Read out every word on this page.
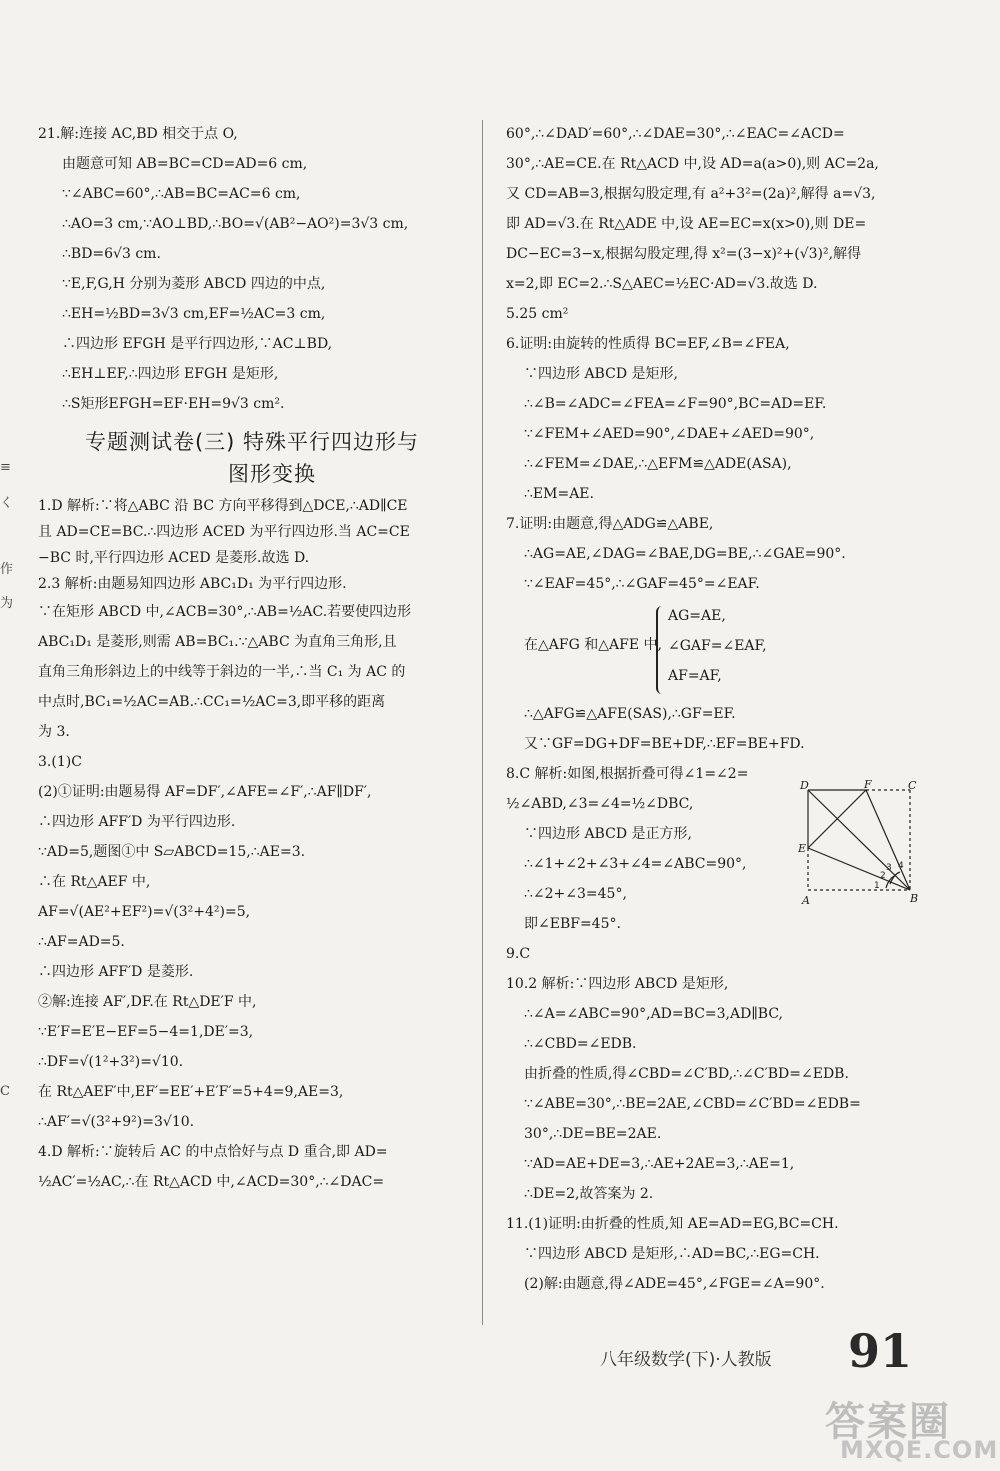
21.解:连接 AC,BD 相交于点 O,
由题意可知 AB=BC=CD=AD=6 cm,
∵∠ABC=60°,∴AB=BC=AC=6 cm,
∴AO=3 cm,∵AO⊥BD,∴BO=√(AB²−AO²)=3√3 cm,
∴BD=6√3 cm.
∵E,F,G,H 分别为菱形 ABCD 四边的中点,
∴EH=½BD=3√3 cm,EF=½AC=3 cm,
∴四边形 EFGH 是平行四边形,∵AC⊥BD,
∴EH⊥EF,∴四边形 EFGH 是矩形,
∴S矩形EFGH=EF·EH=9√3 cm².
专题测试卷(三) 特殊平行四边形与
图形变换
1.D 解析:∵将△ABC 沿 BC 方向平移得到△DCE,∴AD∥CE
且 AD=CE=BC.∴四边形 ACED 为平行四边形.当 AC=CE
−BC 时,平行四边形 ACED 是菱形.故选 D.
2.3 解析:由题易知四边形 ABC₁D₁ 为平行四边形.
∵在矩形 ABCD 中,∠ACB=30°,∴AB=½AC.若要使四边形
ABC₁D₁ 是菱形,则需 AB=BC₁.∵△ABC 为直角三角形,且
直角三角形斜边上的中线等于斜边的一半,∴当 C₁ 为 AC 的
中点时,BC₁=½AC=AB.∴CC₁=½AC=3,即平移的距离
为 3.
3.(1)C
(2)①证明:由题易得 AF=DF′,∠AFE=∠F′,∴AF∥DF′,
∴四边形 AFF′D 为平行四边形.
∵AD=5,题图①中 S▱ABCD=15,∴AE=3.
∴在 Rt△AEF 中,
AF=√(AE²+EF²)=√(3²+4²)=5,
∴AF=AD=5.
∴四边形 AFF′D 是菱形.
②解:连接 AF′,DF.在 Rt△DE′F 中,
∵E′F=E′E−EF=5−4=1,DE′=3,
∴DF=√(1²+3²)=√10.
在 Rt△AEF′中,EF′=EE′+E′F′=5+4=9,AE=3,
∴AF′=√(3²+9²)=3√10.
4.D 解析:∵旋转后 AC 的中点恰好与点 D 重合,即 AD=
½AC′=½AC,∴在 Rt△ACD 中,∠ACD=30°,∴∠DAC=
60°,∴∠DAD′=60°,∴∠DAE=30°,∴∠EAC=∠ACD=
30°,∴AE=CE.在 Rt△ACD 中,设 AD=a(a>0),则 AC=2a,
又 CD=AB=3,根据勾股定理,有 a²+3²=(2a)²,解得 a=√3,
即 AD=√3.在 Rt△ADE 中,设 AE=EC=x(x>0),则 DE=
DC−EC=3−x,根据勾股定理,得 x²=(3−x)²+(√3)²,解得
x=2,即 EC=2.∴S△AEC=½EC·AD=√3.故选 D.
5.25 cm²
6.证明:由旋转的性质得 BC=EF,∠B=∠FEA,
∵四边形 ABCD 是矩形,
∴∠B=∠ADC=∠FEA=∠F=90°,BC=AD=EF.
∵∠FEM+∠AED=90°,∠DAE+∠AED=90°,
∴∠FEM=∠DAE,∴△EFM≌△ADE(ASA),
∴EM=AE.
7.证明:由题意,得△ADG≌△ABE,
∴AG=AE,∠DAG=∠BAE,DG=BE,∴∠GAE=90°.
∵∠EAF=45°,∴∠GAF=45°=∠EAF.
在△AFG 和△AFE 中,
AG=AE,
∠GAF=∠EAF,
AF=AF,
∴△AFG≌△AFE(SAS),∴GF=EF.
又∵GF=DG+DF=BE+DF,∴EF=BE+FD.
8.C 解析:如图,根据折叠可得∠1=∠2=
½∠ABD,∠3=∠4=½∠DBC,
∵四边形 ABCD 是正方形,
∴∠1+∠2+∠3+∠4=∠ABC=90°,
∴∠2+∠3=45°,
即∠EBF=45°.
9.C
10.2 解析:∵四边形 ABCD 是矩形,
∴∠A=∠ABC=90°,AD=BC=3,AD∥BC,
∴∠CBD=∠EDB.
由折叠的性质,得∠CBD=∠C′BD,∴∠C′BD=∠EDB.
∵∠ABE=30°,∴BE=2AE,∠CBD=∠C′BD=∠EDB=
30°,∴DE=BE=2AE.
∵AD=AE+DE=3,∴AE+2AE=3,∴AE=1,
∴DE=2,故答案为 2.
11.(1)证明:由折叠的性质,知 AE=AD=EG,BC=CH.
∵四边形 ABCD 是矩形,∴AD=BC,∴EG=CH.
(2)解:由题意,得∠ADE=45°,∠FGE=∠A=90°.
D	F	C
E
A	B
1
2
3 4
≡
く
作
为
C
八年级数学(下)·人教版 91
答案圈
MXQE.COM
